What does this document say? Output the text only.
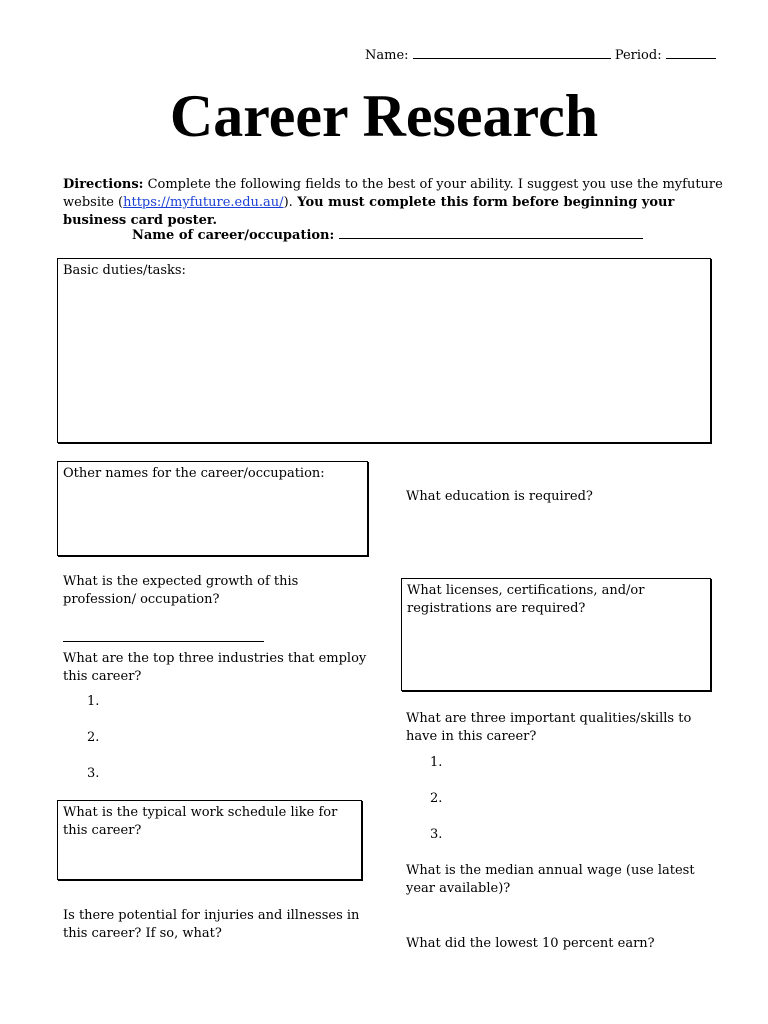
Name:	Period:
Career Research
Directions: Complete the following fields to the best of your ability. I suggest you use the myfuture website (https://myfuture.edu.au/). You must complete this form before beginning your business card poster.
Name of career/occupation:
Basic duties/tasks:
Other names for the career/occupation:
What education is required?
What is the expected growth of this profession/ occupation?
What licenses, certifications, and/or registrations are required?
What are the top three industries that employ this career?
1.
2.
3.
What are three important qualities/skills to have in this career?
1.
2.
3.
What is the typical work schedule like for this career?
What is the median annual wage (use latest year available)?
Is there potential for injuries and illnesses in this career? If so, what?
What did the lowest 10 percent earn?
